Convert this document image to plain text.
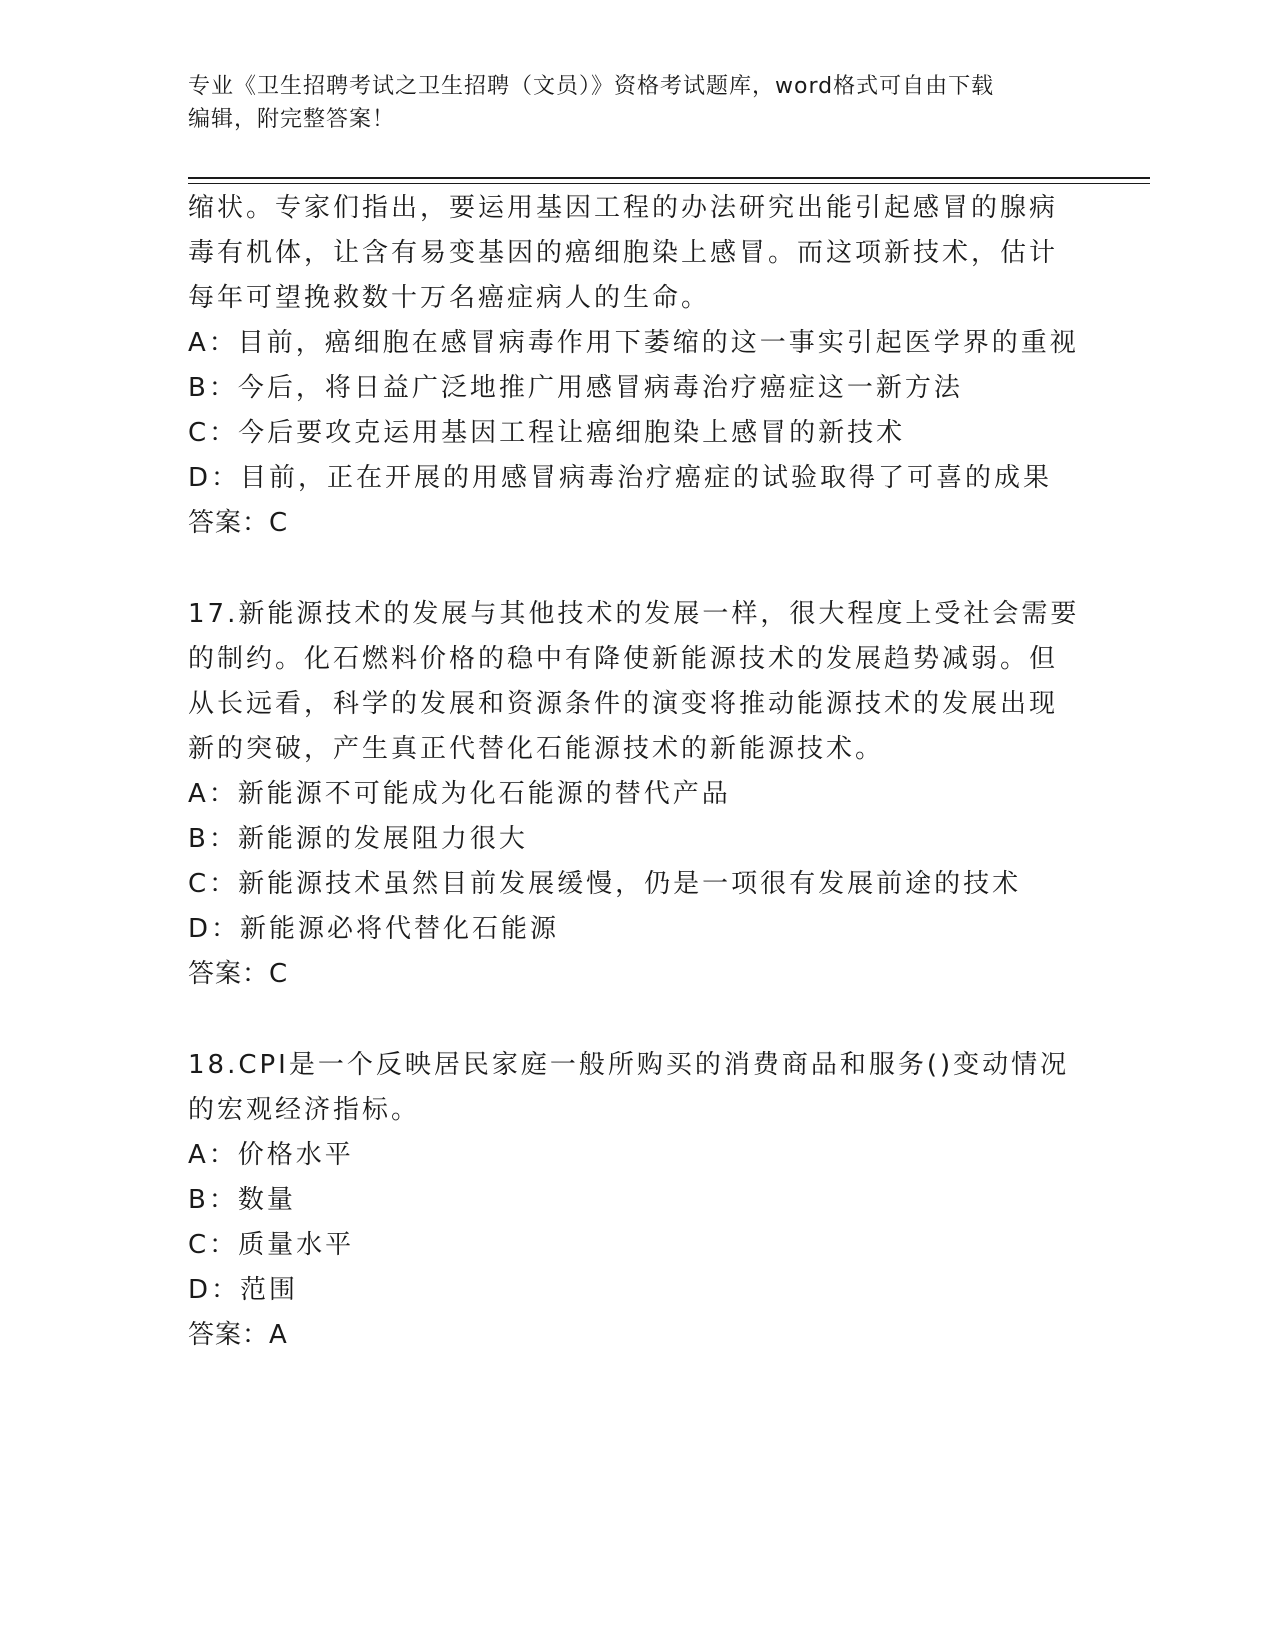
专业《卫生招聘考试之卫生招聘（文员）》资格考试题库，word格式可自由下载
编辑，附完整答案！
缩状。专家们指出，要运用基因工程的办法研究出能引起感冒的腺病
毒有机体，让含有易变基因的癌细胞染上感冒。而这项新技术，估计
每年可望挽救数十万名癌症病人的生命。
A：目前，癌细胞在感冒病毒作用下萎缩的这一事实引起医学界的重视
B：今后，将日益广泛地推广用感冒病毒治疗癌症这一新方法
C：今后要攻克运用基因工程让癌细胞染上感冒的新技术
D：目前，正在开展的用感冒病毒治疗癌症的试验取得了可喜的成果
答案：C
17.新能源技术的发展与其他技术的发展一样，很大程度上受社会需要
的制约。化石燃料价格的稳中有降使新能源技术的发展趋势减弱。但
从长远看，科学的发展和资源条件的演变将推动能源技术的发展出现
新的突破，产生真正代替化石能源技术的新能源技术。
A：新能源不可能成为化石能源的替代产品
B：新能源的发展阻力很大
C：新能源技术虽然目前发展缓慢，仍是一项很有发展前途的技术
D：新能源必将代替化石能源
答案：C
18.CPI是一个反映居民家庭一般所购买的消费商品和服务()变动情况
的宏观经济指标。
A：价格水平
B：数量
C：质量水平
D：范围
答案：A
